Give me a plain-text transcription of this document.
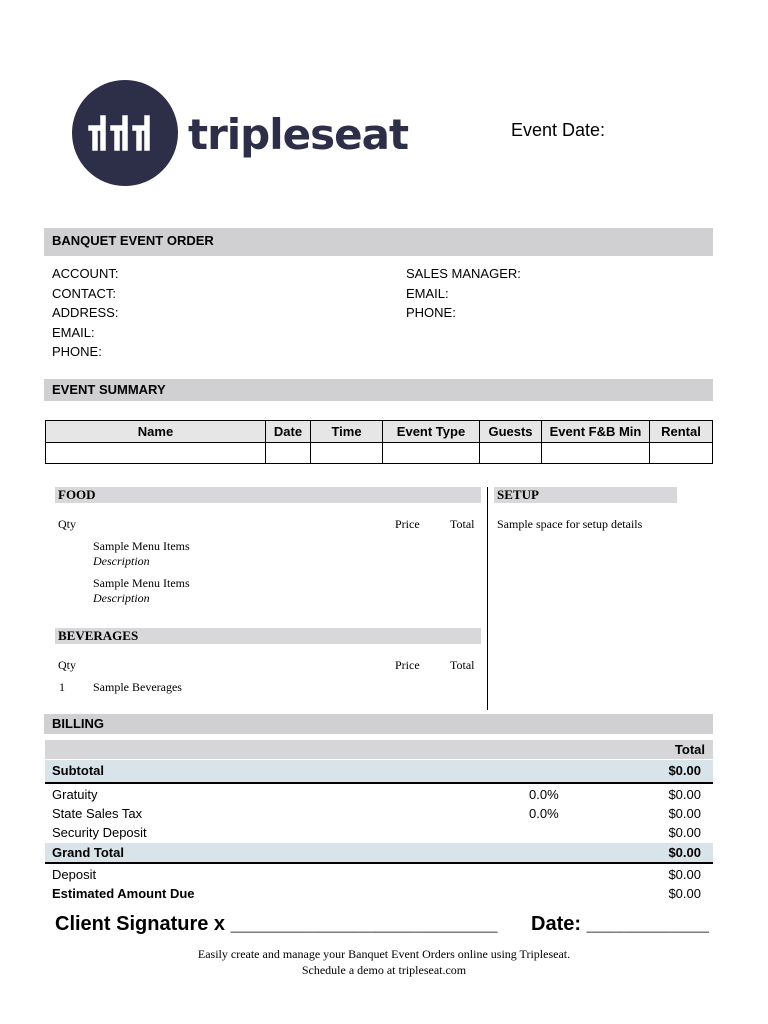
tripleseat	Event Date:
BANQUET EVENT ORDER
ACCOUNT:
CONTACT:
ADDRESS:
EMAIL:
PHONE:
SALES MANAGER:
EMAIL:
PHONE:
EVENT SUMMARY
Name	Date	Time	Event Type	Guests	Event F&B Min	Rental

FOOD
Qty	Price	Total
Sample Menu Items
Description
Sample Menu Items
Description
SETUP
Sample space for setup details
BEVERAGES
Qty	Price	Total
1 Sample Beverages
BILLING
Total
Subtotal	$0.00
Gratuity	0.0%	$0.00
State Sales Tax	0.0%	$0.00
Security Deposit	$0.00
Grand Total	$0.00
Deposit	$0.00
Estimated Amount Due	$0.00
Client Signature x ________________________ Date: ___________
Easily create and manage your Banquet Event Orders online using Tripleseat.
Schedule a demo at tripleseat.com
